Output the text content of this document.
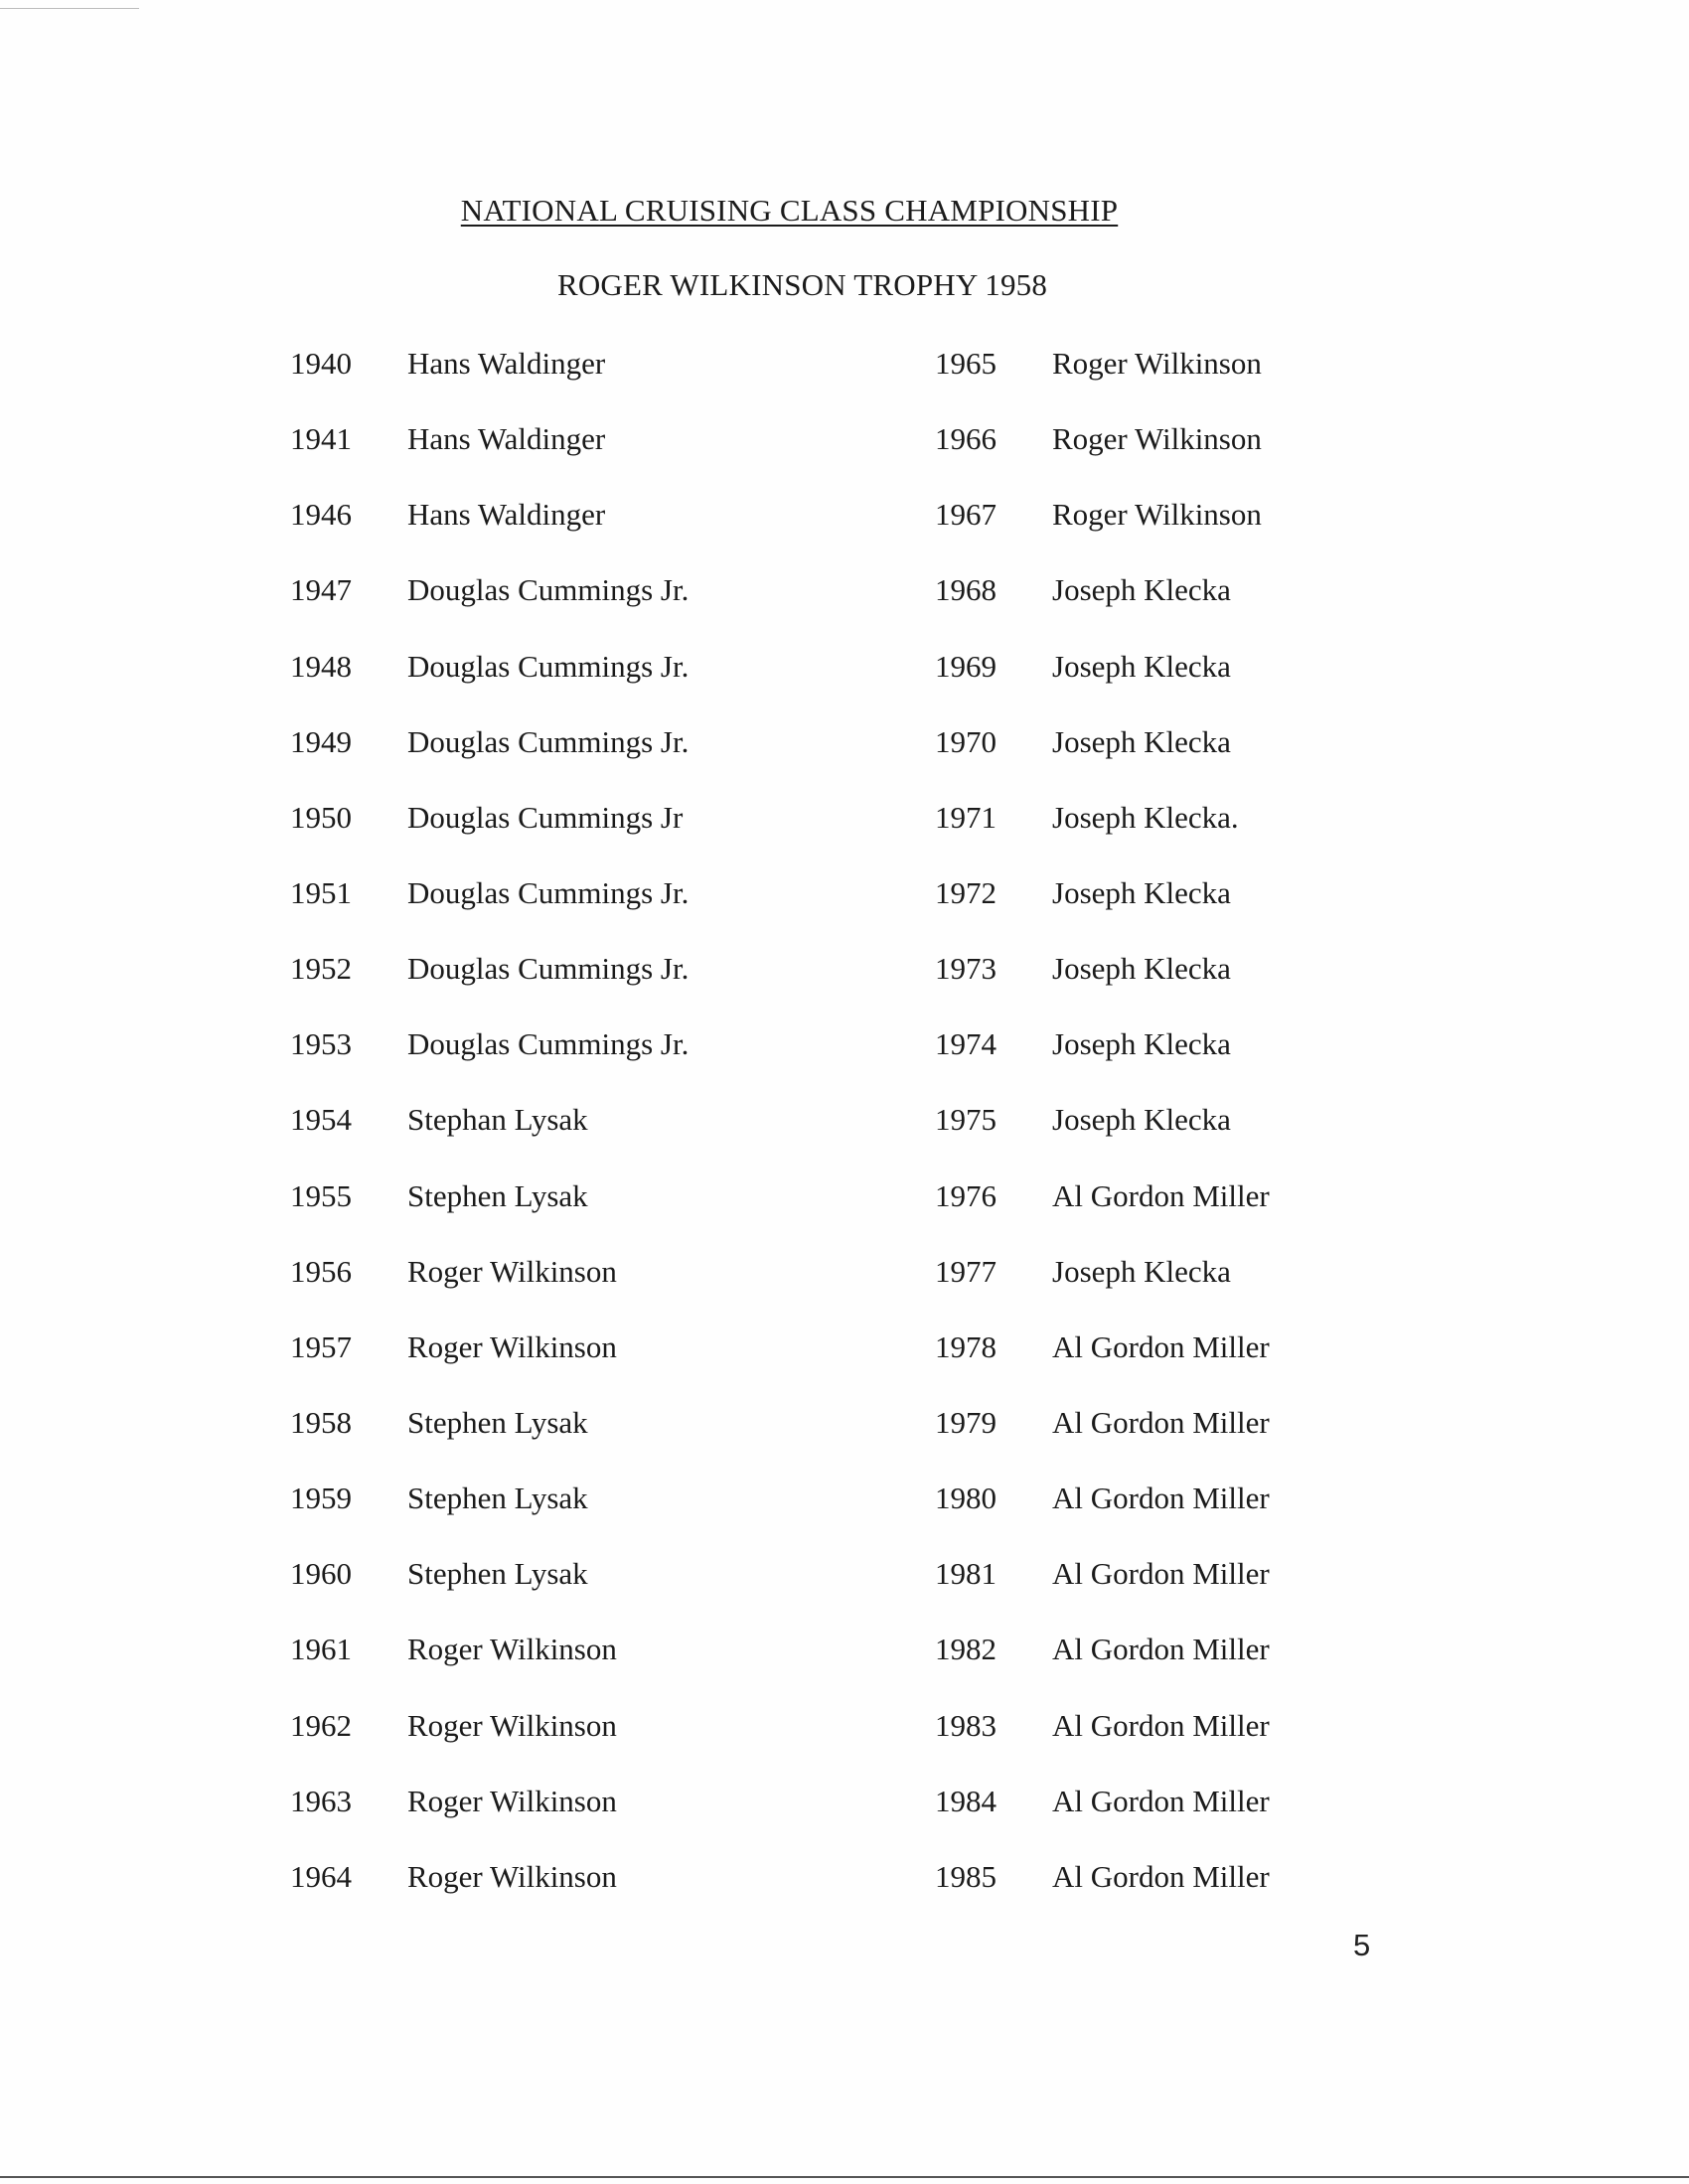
NATIONAL CRUISING CLASS CHAMPIONSHIP
ROGER WILKINSON TROPHY 1958
1940	Hans Waldinger
1941	Hans Waldinger
1946	Hans Waldinger
1947	Douglas Cummings Jr.
1948	Douglas Cummings Jr.
1949	Douglas Cummings Jr.
1950	Douglas Cummings Jr
1951	Douglas Cummings Jr.
1952	Douglas Cummings Jr.
1953	Douglas Cummings Jr.
1954	Stephan Lysak
1955	Stephen Lysak
1956	Roger Wilkinson
1957	Roger Wilkinson
1958	Stephen Lysak
1959	Stephen Lysak
1960	Stephen Lysak
1961	Roger Wilkinson
1962	Roger Wilkinson
1963	Roger Wilkinson
1964	Roger Wilkinson
1965	Roger Wilkinson
1966	Roger Wilkinson
1967	Roger Wilkinson
1968	Joseph Klecka
1969	Joseph Klecka
1970	Joseph Klecka
1971	Joseph Klecka.
1972	Joseph Klecka
1973	Joseph Klecka
1974	Joseph Klecka
1975	Joseph Klecka
1976	Al Gordon Miller
1977	Joseph Klecka
1978	Al Gordon Miller
1979	Al Gordon Miller
1980	Al Gordon Miller
1981	Al Gordon Miller
1982	Al Gordon Miller
1983	Al Gordon Miller
1984	Al Gordon Miller
1985	Al Gordon Miller
5
